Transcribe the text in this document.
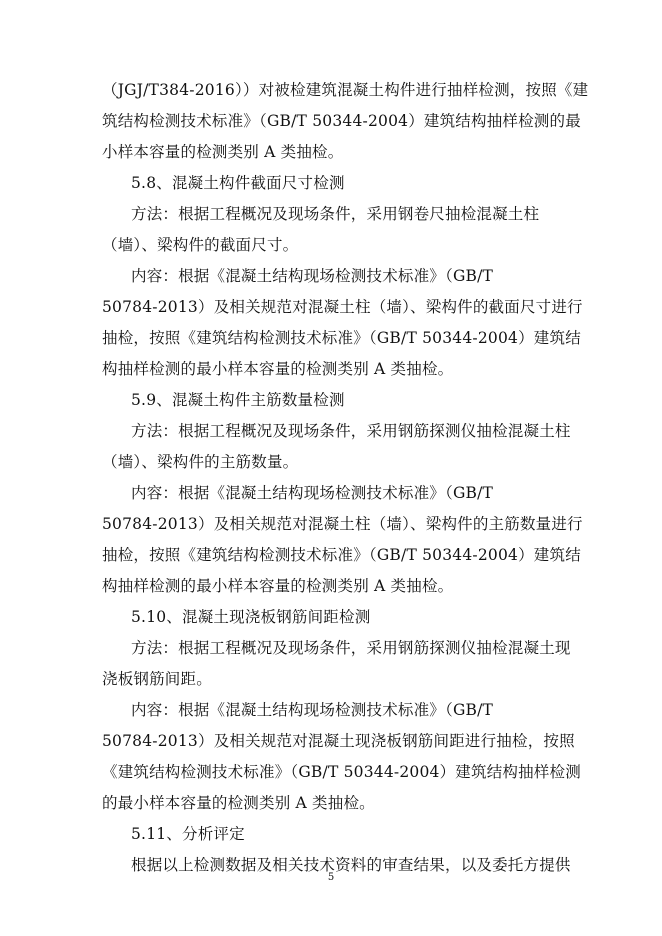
（JGJ/T384-2016））对被检建筑混凝土构件进行抽样检测，按照《建
筑结构检测技术标准》（GB/T 50344-2004）建筑结构抽样检测的最
小样本容量的检测类别 A 类抽检。
5.8、混凝土构件截面尺寸检测
方法：根据工程概况及现场条件，采用钢卷尺抽检混凝土柱
（墙）、梁构件的截面尺寸。
内容：根据《混凝土结构现场检测技术标准》（GB/T
50784-2013）及相关规范对混凝土柱（墙）、梁构件的截面尺寸进行
抽检，按照《建筑结构检测技术标准》（GB/T 50344-2004）建筑结
构抽样检测的最小样本容量的检测类别 A 类抽检。
5.9、混凝土构件主筋数量检测
方法：根据工程概况及现场条件，采用钢筋探测仪抽检混凝土柱
（墙）、梁构件的主筋数量。
内容：根据《混凝土结构现场检测技术标准》（GB/T
50784-2013）及相关规范对混凝土柱（墙）、梁构件的主筋数量进行
抽检，按照《建筑结构检测技术标准》（GB/T 50344-2004）建筑结
构抽样检测的最小样本容量的检测类别 A 类抽检。
5.10、混凝土现浇板钢筋间距检测
方法：根据工程概况及现场条件，采用钢筋探测仪抽检混凝土现
浇板钢筋间距。
内容：根据《混凝土结构现场检测技术标准》（GB/T
50784-2013）及相关规范对混凝土现浇板钢筋间距进行抽检，按照
《建筑结构检测技术标准》（GB/T 50344-2004）建筑结构抽样检测
的最小样本容量的检测类别 A 类抽检。
5.11、分析评定
根据以上检测数据及相关技术资料的审查结果，以及委托方提供
5
